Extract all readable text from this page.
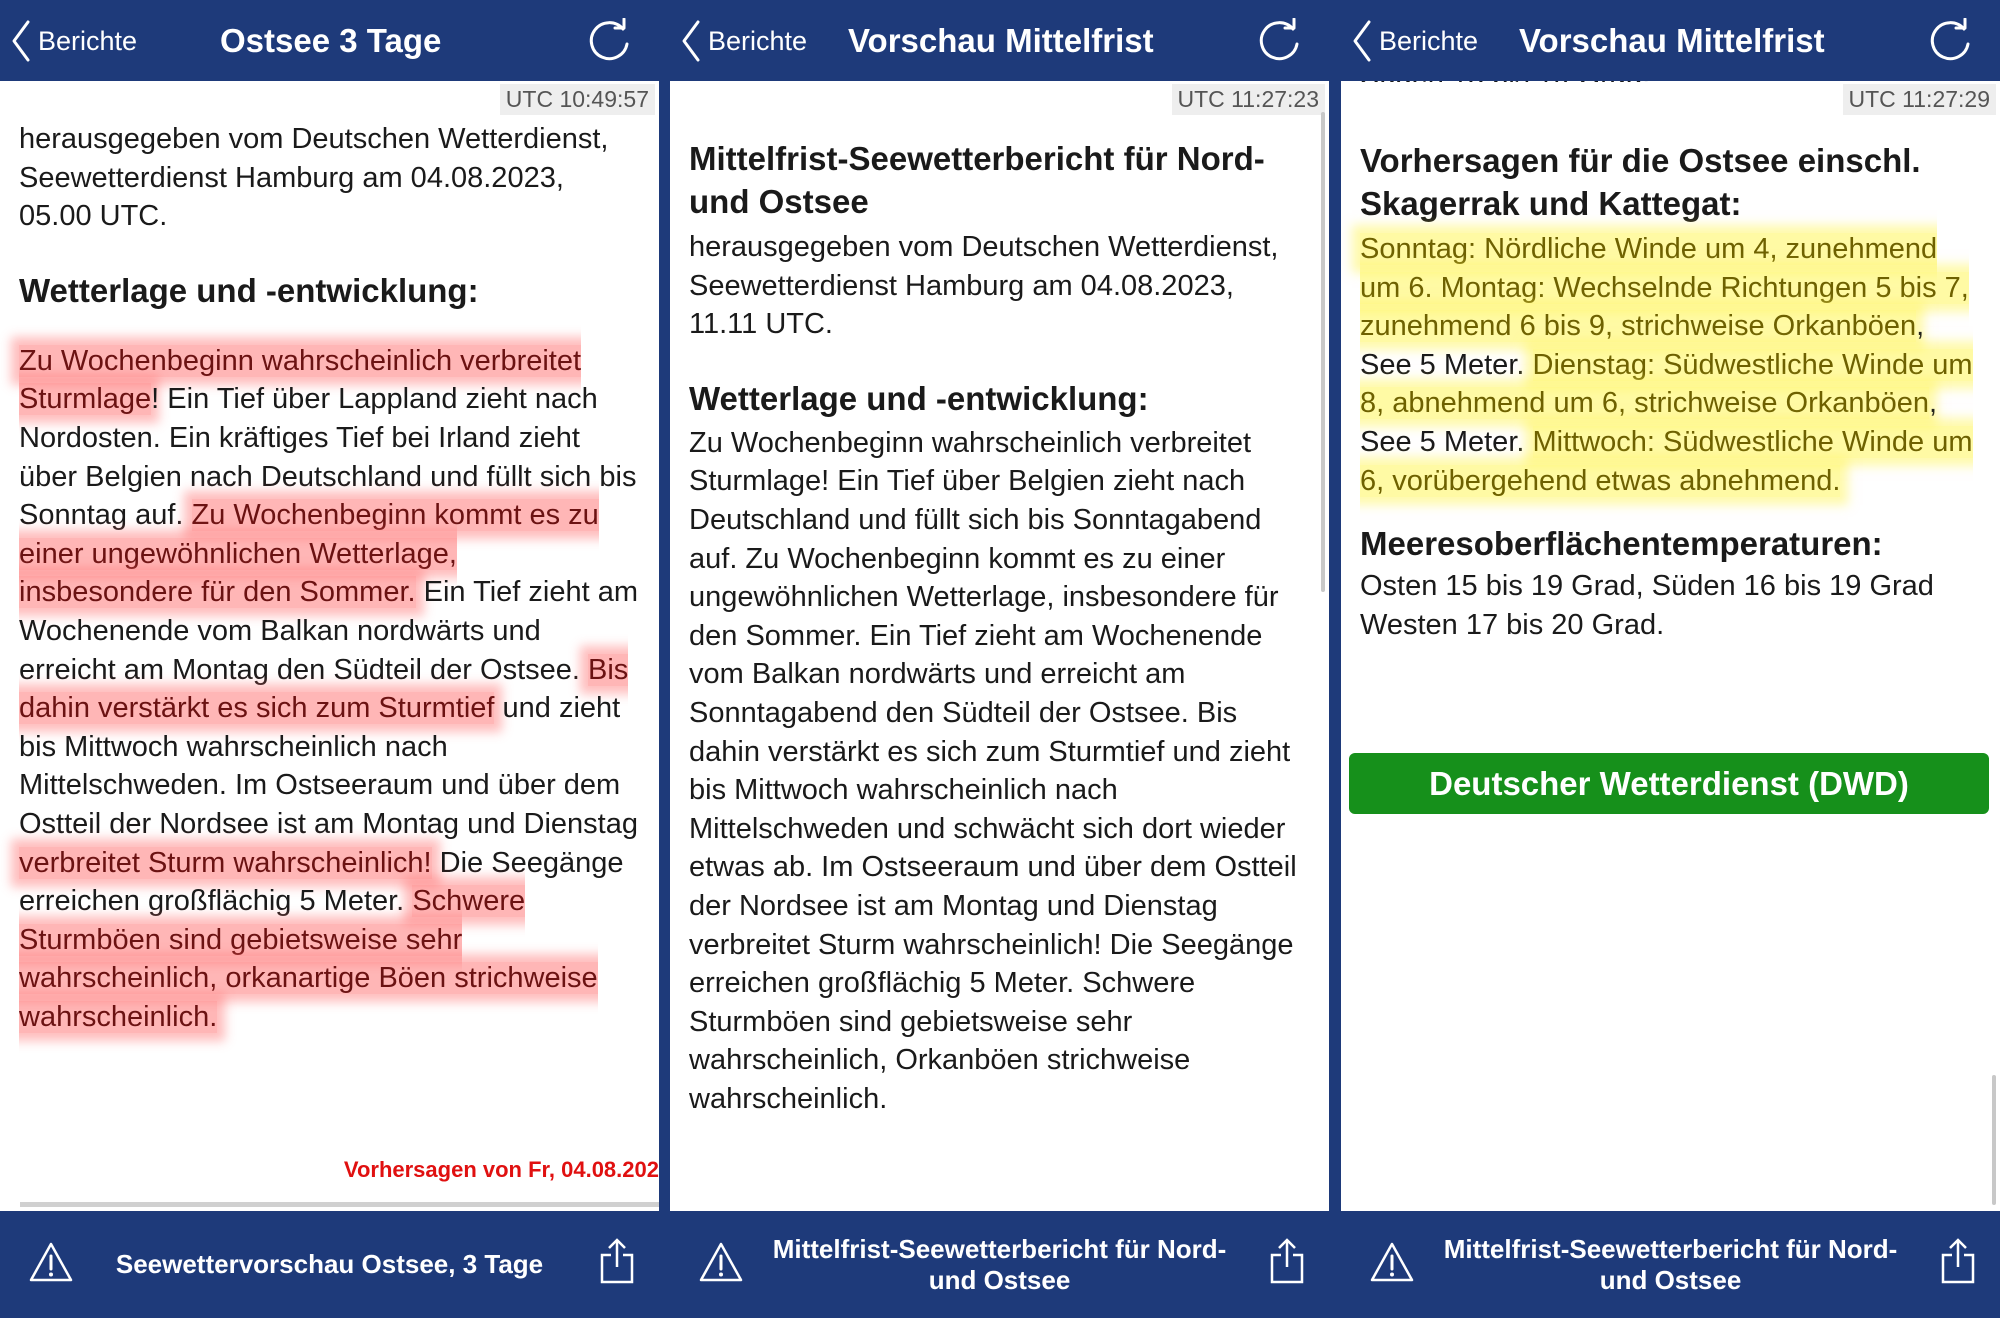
Berichte	Ostsee 3 Tage
UTC 10:49:57

herausgegeben vom Deutschen Wetterdienst, Seewetterdienst Hamburg am 04.08.2023, 05.00 UTC.

Wetterlage und -entwicklung:

Zu Wochenbeginn wahrscheinlich verbreitet Sturmlage! Ein Tief über Lappland zieht nach Nordosten. Ein kräftiges Tief bei Irland zieht über Belgien nach Deutschland und füllt sich bis Sonntag auf. Zu Wochenbeginn kommt es zu einer ungewöhnlichen Wetterlage, insbesondere für den Sommer. Ein Tief zieht am Wochenende vom Balkan nordwärts und erreicht am Montag den Südteil der Ostsee. Bis dahin verstärkt es sich zum Sturmtief und zieht bis Mittwoch wahrscheinlich nach Mittelschweden. Im Ostseeraum und über dem Ostteil der Nordsee ist am Montag und Dienstag verbreitet Sturm wahrscheinlich! Die Seegänge erreichen großflächig 5 Meter. Schwere Sturmböen sind gebietsweise sehr wahrscheinlich, orkanartige Böen strichweise wahrscheinlich.

Vorhersagen von Fr, 04.08.202
Seewettervorschau Ostsee, 3 Tage
Berichte Vorschau Mittelfrist
UTC 11:27:23
Mittelfrist-Seewetterbericht für Nord- und Ostsee

herausgegeben vom Deutschen Wetterdienst, Seewetterdienst Hamburg am 04.08.2023, 11.11 UTC.

Wetterlage und -entwicklung:

Zu Wochenbeginn wahrscheinlich verbreitet Sturmlage! Ein Tief über Belgien zieht nach Deutschland und füllt sich bis Sonntagabend auf. Zu Wochenbeginn kommt es zu einer ungewöhnlichen Wetterlage, insbesondere für den Sommer. Ein Tief zieht am Wochenende vom Balkan nordwärts und erreicht am Sonntagabend den Südteil der Ostsee. Bis dahin verstärkt es sich zum Sturmtief und zieht bis Mittwoch wahrscheinlich nach Mittelschweden und schwächt sich dort wieder etwas ab. Im Ostseeraum und über dem Ostteil der Nordsee ist am Montag und Dienstag verbreitet Sturm wahrscheinlich! Die Seegänge erreichen großflächig 5 Meter. Schwere Sturmböen sind gebietsweise sehr wahrscheinlich, Orkanböen strichweise wahrscheinlich.

Mittelfrist-Seewetterbericht für Nord- und Ostsee
Berichte Vorschau Mittelfrist
UTC 11:27:29
Vorhersagen für die Ostsee einschl. Skagerrak und Kattegat:

Sonntag: Nördliche Winde um 4, zunehmend um 6. Montag: Wechselnde Richtungen 5 bis 7, zunehmend 6 bis 9, strichweise Orkanböen, See 5 Meter. Dienstag: Südwestliche Winde um 8, abnehmend um 6, strichweise Orkanböen, See 5 Meter. Mittwoch: Südwestliche Winde um 6, vorübergehend etwas abnehmend.

Meeresoberflächentemperaturen:

Osten 15 bis 19 Grad, Süden 16 bis 19 Grad Westen 17 bis 20 Grad.

Deutscher Wetterdienst (DWD)
Mittelfrist-Seewetterbericht für Nord- und Ostsee
